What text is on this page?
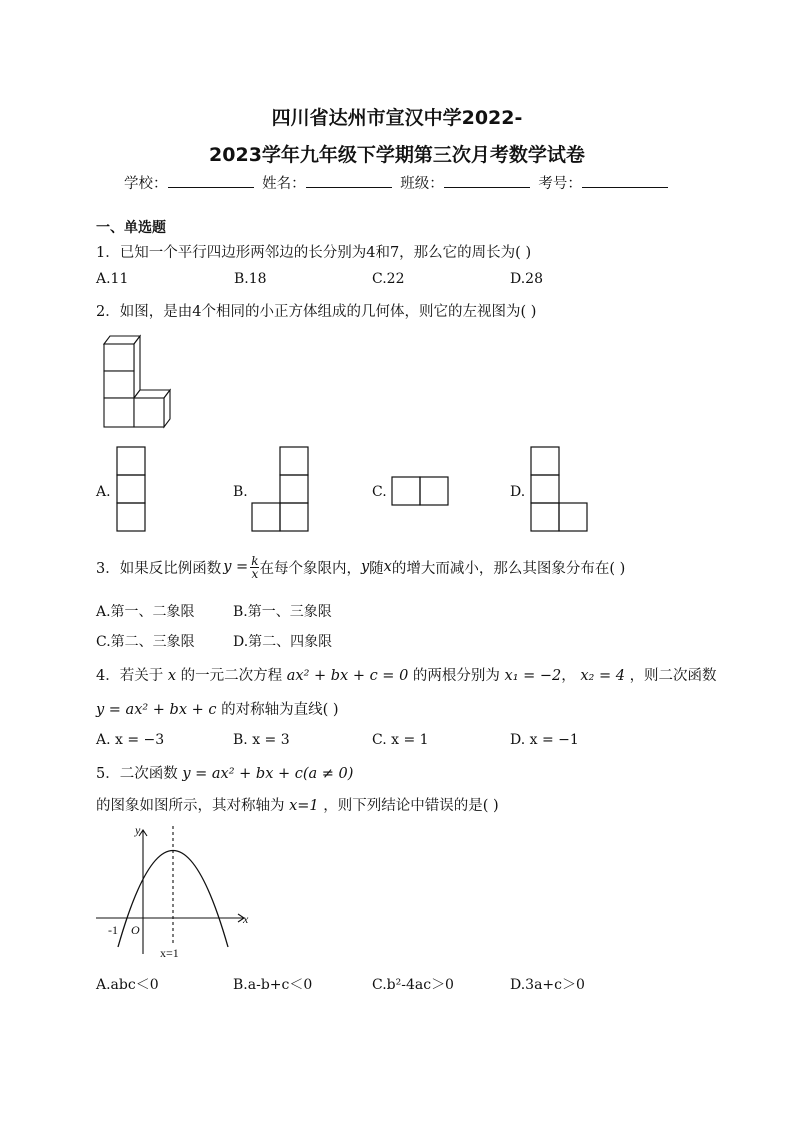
四川省达州市宣汉中学2022-
2023学年九年级下学期第三次月考数学试卷
学校：	姓名：	班级：	考号：
一、单选题
1．已知一个平行四边形两邻边的长分别为4和7，那么它的周长为( )
A.11	B.18	C.22	D.28
2．如图，是由4个相同的小正方体组成的几何体，则它的左视图为( )
A.	B.	C.	D.
3．如果反比例函数 $y = \frac{k}{x}$ 在每个象限内， y 随 x 的增大而减小，那么其图象分布在( )
A.第一、二象限	B.第一、三象限
C.第二、三象限	D.第二、四象限
4．若关于 x 的一元二次方程 ax² + bx + c = 0 的两根分别为 x₁ = −2， x₂ = 4 ，则二次函数
y = ax² + bx + c 的对称轴为直线( )
A. x = −3	B. x = 3	C. x = 1	D. x = −1
5．二次函数 y = ax² + bx + c(a ≠ 0)
的图象如图所示，其对称轴为 x=1 ，则下列结论中错误的是( )
y
x
O
-1
x=1
A.abc＜0	B.a-b+c＜0	C.b²-4ac＞0	D.3a+c＞0
